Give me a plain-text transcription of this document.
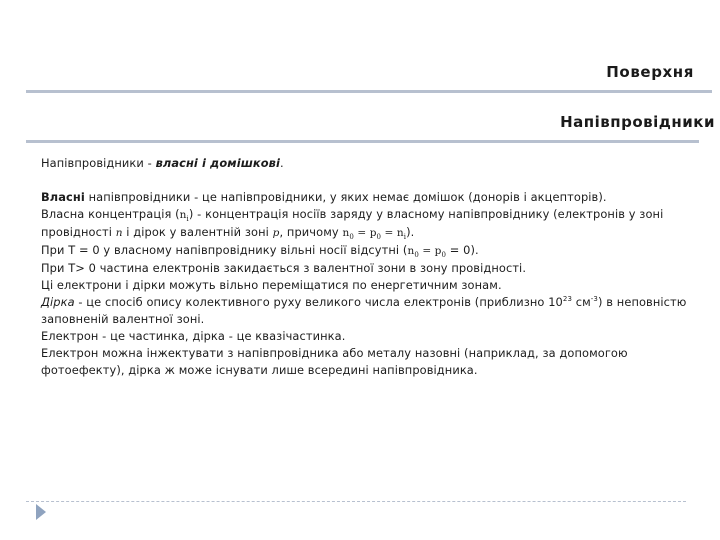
Поверхня
Напівпровідники

Напівпровідники - власні і домішкові.

Власні напівпровідники - це напівпровідники, у яких немає домішок (донорів і акцепторів).

Власна концентрація $(n_i)$ - концентрація носіїв заряду у власному напівпровіднику (електронів у зоні провідності n і дірок у валентній зоні p, причому $n_0 = p_0 = n_i$).

При Т = 0 у власному напівпровіднику вільні носії відсутні $(n_0 = p_0 = 0)$.

При Т> 0 частина електронів закидається з валентної зони в зону провідності.

Ці електрони і дірки можуть вільно переміщатися по енергетичним зонам.

Дірка - це спосіб опису колективного руху великого числа електронів (приблизно $10^{23}$ $см^{-3}$) в неповністю заповненій валентної зоні.

Електрон - це частинка, дірка - це квазічастинка.

Електрон можна інжектувати з напівпровідника або металу назовні (наприклад, за допомогою фотоефекту), дірка ж може існувати лише всередині напівпровідника.
